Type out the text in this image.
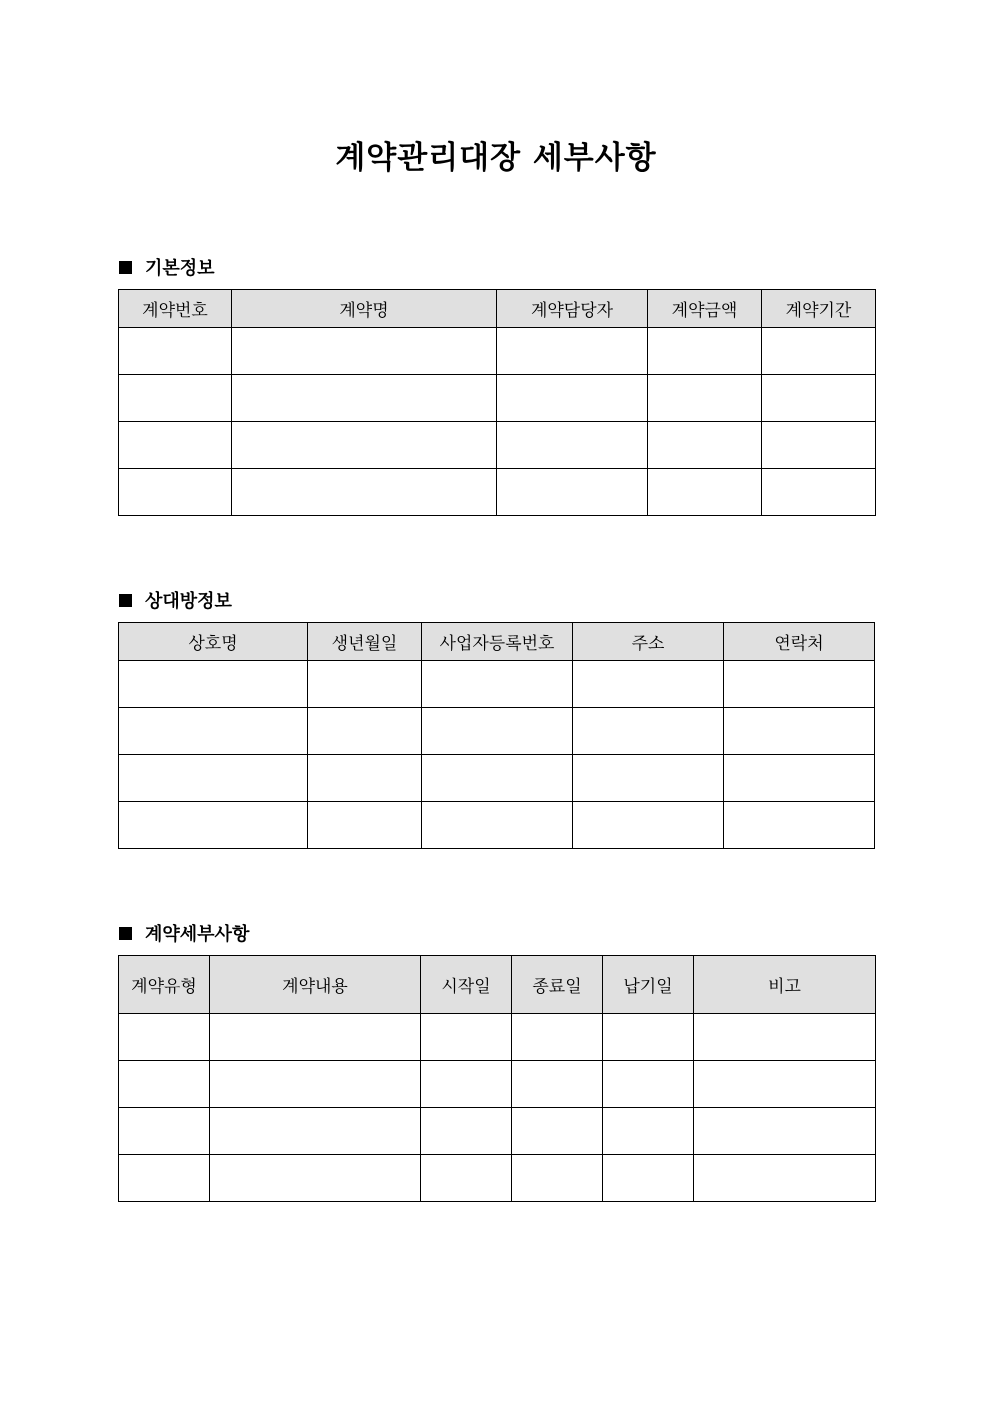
계약관리대장 세부사항
기본정보
계약번호	계약명	계약담당자	계약금액	계약기간

상대방정보
상호명	생년월일	사업자등록번호	주소	연락처

계약세부사항
계약유형	계약내용	시작일	종료일	납기일	비고
